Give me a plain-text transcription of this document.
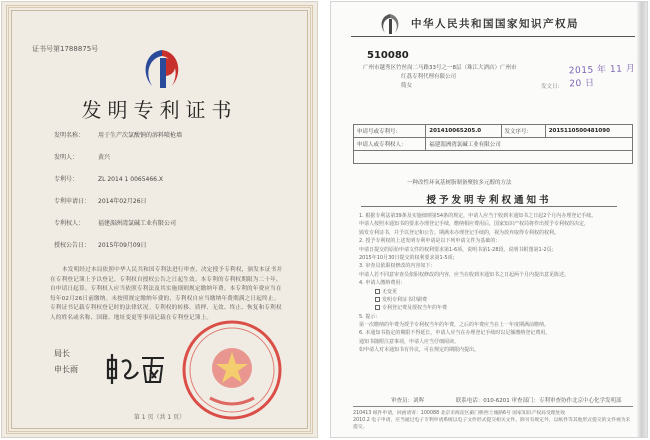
证书号第1788875号
发明专利证书
发明名称： 用于生产次氯酸钠的溶料喷枪墙
发明人：	黄兴
专利号：	ZL 2014 1 0065466.X
专利申请日： 2014年02月26日
专利权人： 福建湄洲湾氯碱工业有限公司
授权公告日： 2015年09月09日
本发明经过本局依照中华人民共和国专利法进行审查，决定授予专利权，颁发本证书并在专利登记簿上予以登记。专利权自授权公告之日起生效。本专利的专利权期限为二十年，自申请日起算。专利权人应当依照专利法及其实施细则规定缴纳年费。本专利的年费应当在每年02月26日前缴纳。未按照规定缴纳年费的，专利权自应当缴纳年费期满之日起终止。专利证书记载专利权登记时的法律状况。专利权的转移、质押、无效、终止、恢复和专利权人的姓名或名称、国籍、地址变更等事项记载在专利登记簿上。
局长
申长雨
第 1 页（共 1 页）
中华人民共和国国家知识产权局
510080
广州市越秀区竹丝岗二马路33号之一8层（珠江大酒店）广州市
红荔专利代理有限公司
简女	发文日：
2015 年 11 月 20 日
申请号或专利号：	201410065205.0	发文序号：	2015110500481090
申请人或专利权人：	福建湄洲湾氯碱工业有限公司		

一种改性环氧基树脂制备聚胺多元醇的方法
授予发明专利权通知书
1. 根据专利法第39条及实施细则第54条的规定，申请人应当于收到本通知书之日起2个月内办理登记手续。
申请人按照本通知书的要求办理登记手续，缴纳相应费用后，国家知识产权局将作出授予专利权的决定，
颁发专利证书，并予以登记和公告。期满未办理登记手续的，视为放弃取得专利权的权利。
2. 授予专利权的上述发明专利申请是以下列申请文件为基础的：
申请日提交的原始申请文件的权利要求第1-6项、说明书第1-28段、说明书附图第1-2页；
2015年10月30日提交的权利要求第1-5项；
3. 审查员依职权修改的内容如下：
申请人若不同意审查员依职权修改的内容，应当在收到本通知书之日起两个月内提出意见陈述。
4. 申请人缴纳费用：
无变更
发明专利证书印刷费
专利登记费及授权当年的年费
5. 提示：
第一次缴纳的年费为授予专利权当年的年费，之后的年费应当在上一年度期满前缴纳。
6. 本通知书指定的期限不得延长，申请人应当在办理登记手续时以足额缴纳登记费用。
通知书随附注意事项，申请人应当仔细阅读。
如申请人对本通知书有异议，可在规定的期限内提出。
审查员：刘晖	联系电话：010-6201 审查部门：专利审查协作北京中心化学发明部
210413 纸件申请，回函请寄：100088 北京市海淀区蓟门桥西土城路6号 国家知识产权局受理处收
2010.2 电子申请，应当通过电子专利申请系统以电子文件形式提交相关文件。除另有规定外，以纸件等其他形式提交的文件视为未提交。
